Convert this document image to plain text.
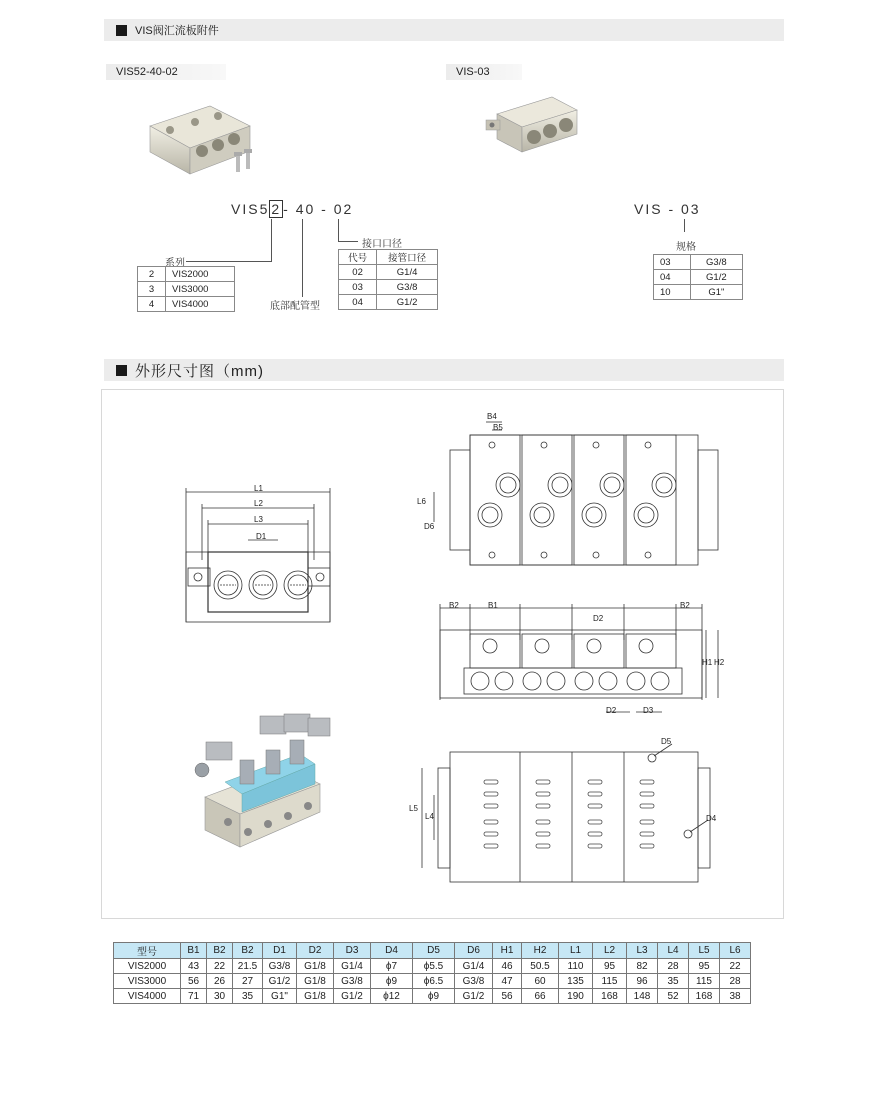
VIS阀汇流板附件
VIS52-40-02
VIS5 2 - 40 - 02
系列
底部配管型
接口口径
2	VIS2000
3	VIS3000
4	VIS4000
代号	接管口径
02	G1/4
03	G3/8
04	G1/2
VIS-03
VIS - 03
规格
03	G3/8
04	G1/2
10	G1"
外形尺寸图（mm)
L1
L2
L3
D1
B4
B5
L6
D6
B2	B1	B2
D2
D2	D3
H1 H2
D5
D4
L5
L4
型号	B1	B2	B2	D1	D2	D3	D4	D5	D6	H1	H2	L1	L2	L3	L4	L5	L6
VIS2000	43	22	21.5	G3/8	G1/8	G1/4	ϕ7	ϕ5.5	G1/4	46	50.5	110	95	82	28	95	22
VIS3000	56	26	27	G1/2	G1/8	G3/8	ϕ9	ϕ6.5	G3/8	47	60	135	115	96	35	115	28
VIS4000	71	30	35	G1"	G1/8	G1/2	ϕ12	ϕ9	G1/2	56	66	190	168	148	52	168	38
